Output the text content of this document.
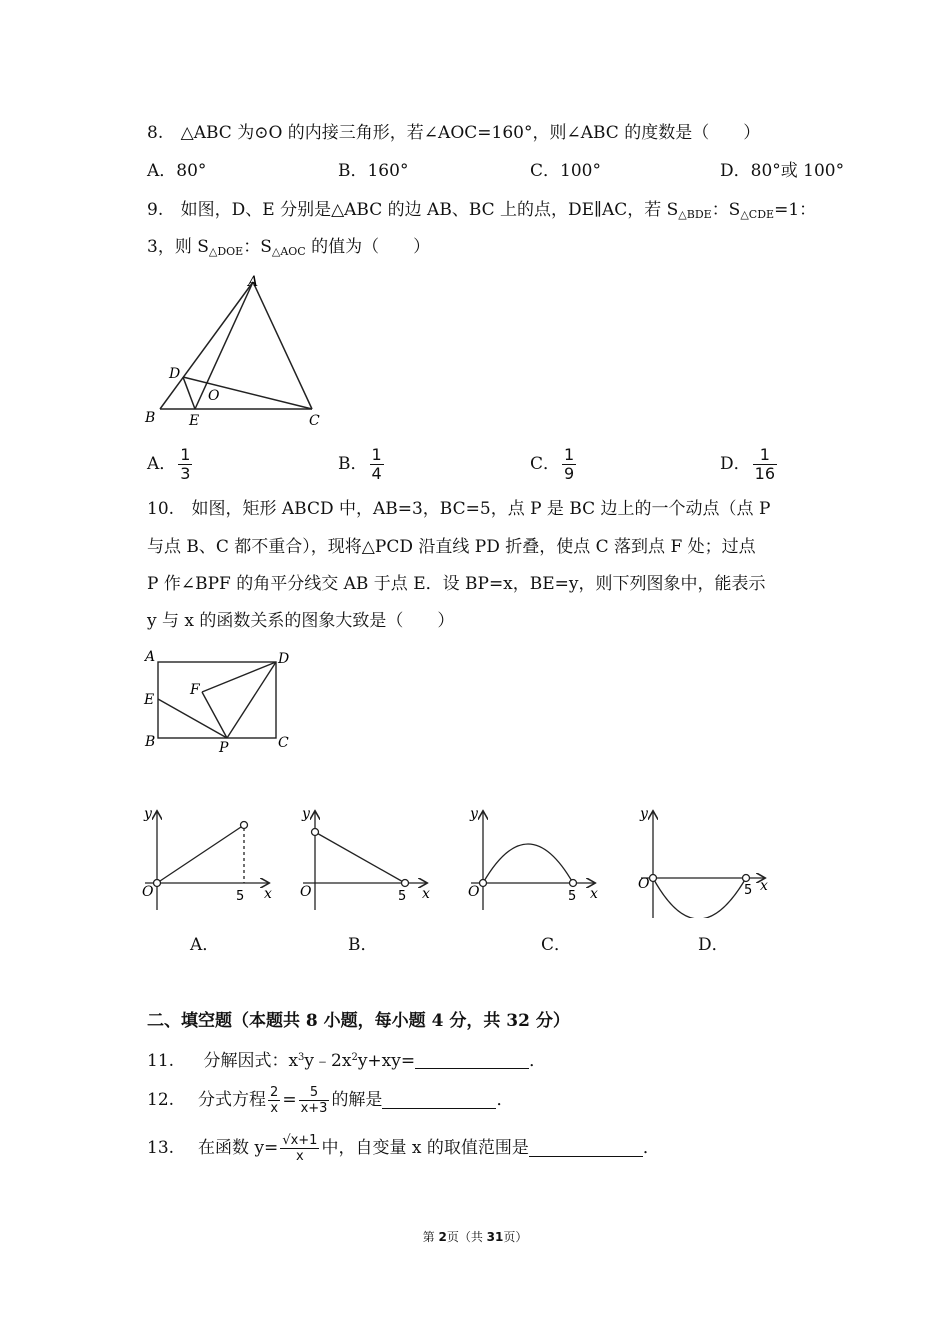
8. △ABC 为⊙O 的内接三角形，若∠AOC=160°，则∠ABC 的度数是（　　）
A．80°	B．160°	C．100°	D．80°或 100°
9. 如图，D、E 分别是△ABC 的边 AB、BC 上的点，DE∥AC，若 $S_{\triangle BDE}$：$S_{\triangle CDE}=1$：
3，则 $S_{\triangle DOE}$：$S_{\triangle AOC}$ 的值为（　　）
A
D
O
B E	C
A． $\frac{1}{3}$	B． $\frac{1}{4}$	C． $\frac{1}{9}$	D． $\frac{1}{16}$
10. 如图，矩形 ABCD 中，AB=3，BC=5，点 P 是 BC 边上的一个动点（点 P
与点 B、C 都不重合），现将△PCD 沿直线 PD 折叠，使点 C 落到点 F 处；过点
P 作∠BPF 的角平分线交 AB 于点 E．设 BP=x，BE=y，则下列图象中，能表示
y 与 x 的函数关系的图象大致是（　　）
A	D
F
E
B	P	C
y
x
O	5
y
x
O	5
y
x
O	5
y
x
O	5
A．	B．	C．	D．
二、填空题（本题共 8 小题，每小题 4 分，共 32 分）
11. 分解因式：$x^3y﹣2x^2y+xy=$	．
12. 分式方程 $\frac{2}{x} = \frac{5}{x+3}$ 的解是	．
13. 在函数 $y= \frac{√x+1}{x}$ 中，自变量 x 的取值范围是	．
第 2页（共 31页）
